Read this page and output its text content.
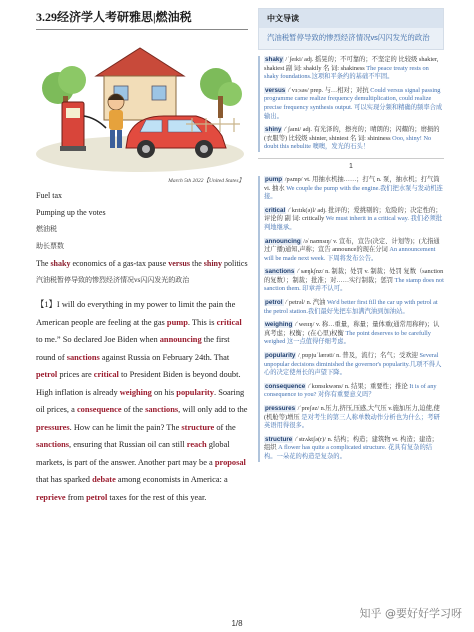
3.29经济学人考研雅思|燃油税
March 5th 2022【United States】
Fuel tax
Pumping up the votes
燃油税
助长票数
The shaky economics of a gas-tax pause versus the shiny politics
汽油税暂停导致的惨烈经济情况vs闪闪发光的政治
【1】I will do everything in my power to limit the pain the American people are feeling at the gas pump. This is critical to me.” So declared Joe Biden when announcing the first round of sanctions against Russia on February 24th. That petrol prices are critical to President Biden is beyond doubt. High inflation is already weighing on his popularity. Soaring oil prices, a consequence of the sanctions, will only add to the pressures. How can he limit the pain? The structure of the sanctions, ensuring that Russian oil can still reach global markets, is part of the answer. Another part may be a proposal that has sparked debate among economists in America: a reprieve from petrol taxes for the rest of this year.
中文导读
汽油税暂停导致的惨烈经济情况vs闪闪发光的政治
shaky /ˈʃeɪki/ adj. 摇晃的；不可靠的；不坚定的 比较级 shakier, shakiest 副 词: shakily 名 词: shakiness The peace treaty rests on shaky foundations.这项和平条约的基础不牢固。
versus /ˈvɜːsəs/ prep. 与…相对；对抗 Could versus signal passing programme came realize frequency demultiplication, could realize precise frequency synthesis output. 可以实现分频和精确的频率合成输出。
shiny /ˈʃaɪni/ adj. 有光泽的，擦亮的；晴朗的；闪耀的；磨损的(衣服等) 比较级 shinier, shiniest 名 词: shininess Ooo, shiny! No doubt this nebulite 噢噢，发光的石头！
1
pump /pʌmp/ vt. 用抽水机抽……；打气 n. 泵，抽水机；打气筒 vi. 抽水 We couple the pump with the engine.我们把水泵与发动机连接。
critical /ˈkrɪtɪk(ə)l/ adj. 批评的；爱挑剔的；危险的；决定性的；评论的 副 词: critically We must inherit in a critical way. 我们必须批判地继承。
announcing /əˈnaʊnsɪŋ/ v. 宣布，宣告(决定、计划等)；(尤指通过广播)通知,声称；宣告 announce的现在分词 An announcement will be made next week. 下周将发布公告。
sanctions /ˈsæŋkʃnz/ n. 制裁；处罚 v. 制裁；处罚 复数（sanction的复数）；制裁；批准；对……实行制裁；惩罚 The stamp does not sanction them. 印章并不认可。
petrol /ˈpetrəl/ n. 汽油 We'd better first fill the car up with petrol at the petrol station.我们最好先把车加满汽油到加油站。
weighing /ˈweɪɪŋ/ v. 称…重量，称量；量体重(通常用称秤)；认真考虑；权衡；(在心里)权衡 The point deserves to be carefully weighed 这一点值得仔细考虑。
popularity /ˌpɒpjuˈlærəti/ n. 普及，流行；名气；受欢迎 Several unpopular decisions diminished the governor's popularity.几项不得人心的决定使州长的声望下降。
consequence /ˈkɒnsɪkwəns/ n. 结果；重要性；推论 It is of any consequence to you? 对你有重要意义吗？
pressures /ˈpreʃəz/ n.压力,挤压,压感,大气压 v.施加压力,迫使,使(机舱等)增压 是对考生的第三人称单数动作分析也为什么；考研英语用得很多。
structure /ˈstrʌktʃə(r)/ n. 结构；构造；建筑物 vt. 构造；建造；组织 A flower has quite a complicated structure. 花具有复杂的结构。一朵花的构造是复杂的。
1/8
知乎 @要好好学习呀
